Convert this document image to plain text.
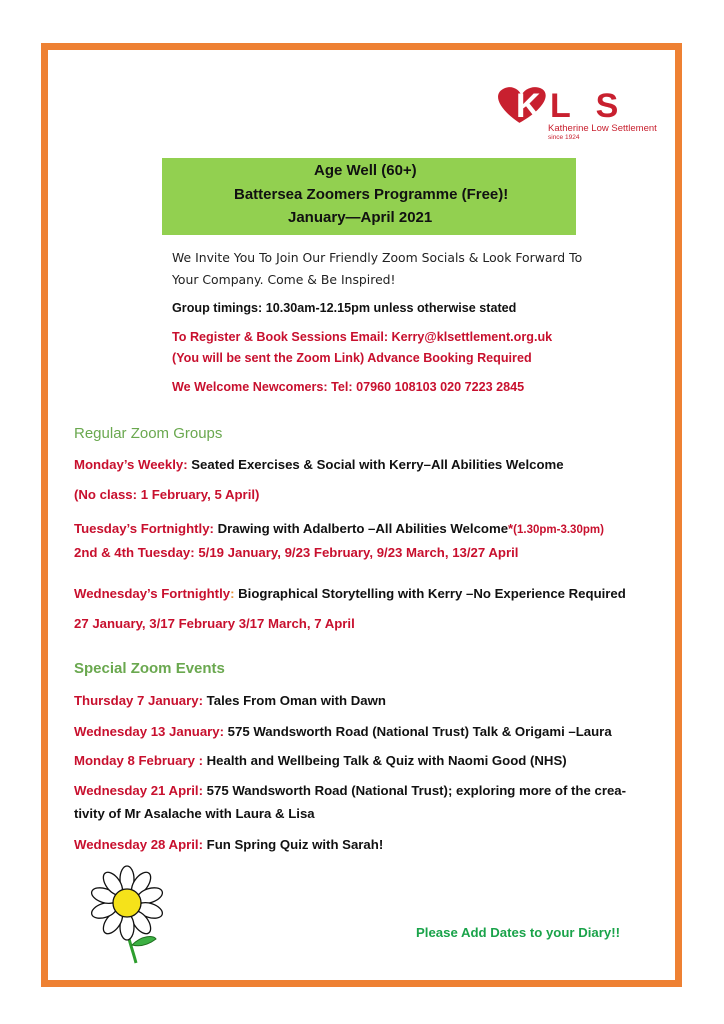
K L S
Katherine Low Settlement
since 1924
Age Well (60+)
Battersea Zoomers Programme (Free)!
January—April 2021
We Invite You To Join Our Friendly Zoom Socials & Look Forward To
Your Company. Come & Be Inspired!
Group timings: 10.30am-12.15pm unless otherwise stated
To Register & Book Sessions Email: Kerry@klsettlement.org.uk
(You will be sent the Zoom Link) Advance Booking Required
We Welcome Newcomers: Tel: 07960 108103 020 7223 2845
Regular Zoom Groups
Monday’s Weekly: Seated Exercises & Social with Kerry–All Abilities Welcome
(No class: 1 February, 5 April)
Tuesday’s Fortnightly: Drawing with Adalberto –All Abilities Welcome*(1.30pm-3.30pm)
2nd & 4th Tuesday: 5/19 January, 9/23 February, 9/23 March, 13/27 April
Wednesday’s Fortnightly: Biographical Storytelling with Kerry –No Experience Required
27 January, 3/17 February 3/17 March, 7 April
Special Zoom Events
Thursday 7 January: Tales From Oman with Dawn
Wednesday 13 January: 575 Wandsworth Road (National Trust) Talk & Origami –Laura
Monday 8 February : Health and Wellbeing Talk & Quiz with Naomi Good (NHS)
Wednesday 21 April: 575 Wandsworth Road (National Trust); exploring more of the crea-
tivity of Mr Asalache with Laura & Lisa
Wednesday 28 April: Fun Spring Quiz with Sarah!
Please Add Dates to your Diary!!
